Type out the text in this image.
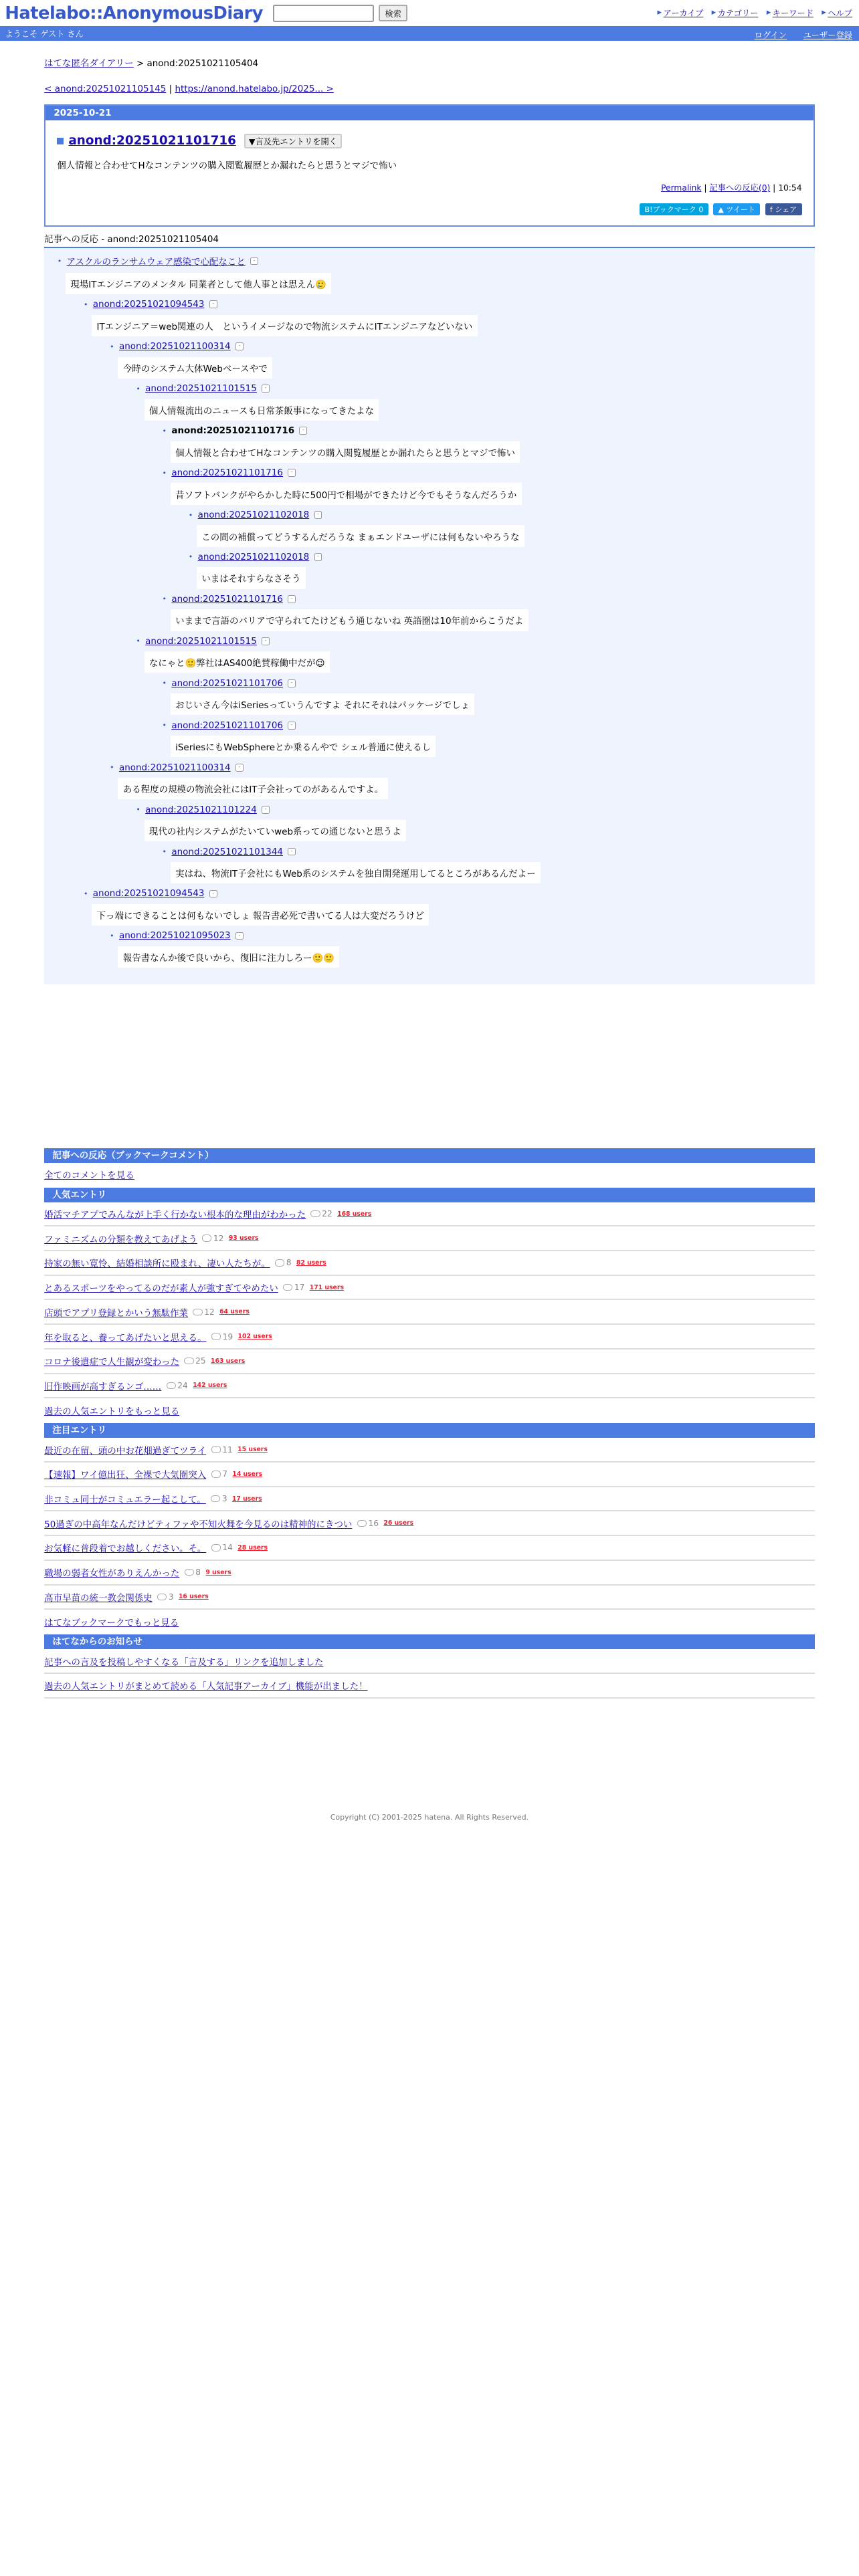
Hatelabo::AnonymousDiary	検索	▶ アーカイブ	▶ カテゴリー	▶ キーワード	▶ ヘルプ
ようこそ ゲスト さん	ログイン	ユーザー登録
はてな匿名ダイアリー > anond:20251021105404
< anond:20251021105145 | https://anond.hatelabo.jp/2025... >
2025-10-21
anond:20251021101716	▼言及先エントリを開く
個人情報と合わせてHなコンテンツの購入閲覧履歴とか漏れたらと思うとマジで怖い
Permalink | 記事への反応(0) | 10:54
B!ブックマーク 0	▲ ツイート	f シェア
記事への反応 - anond:20251021105404
• アスクルのランサムウェア感染で心配なこと	-
現場ITエンジニアのメンタル 同業者として他人事とは思えん🥲
• anond:20251021094543	-
ITエンジニア＝web関連の人　というイメージなので物流システムにITエンジニアなどいない
• anond:20251021100314	-
今時のシステム大体Webベースやで
• anond:20251021101515	-
個人情報流出のニュースも日常茶飯事になってきたよな
• anond:20251021101716	-
個人情報と合わせてHなコンテンツの購入閲覧履歴とか漏れたらと思うとマジで怖い
• anond:20251021101716	-
昔ソフトバンクがやらかした時に500円で相場ができたけど今でもそうなんだろうか
• anond:20251021102018	-
この間の補償ってどうするんだろうな まぁエンドユーザには何もないやろうな
• anond:20251021102018	-
いまはそれすらなさそう
• anond:20251021101716	-
いままで言語のバリアで守られてたけどもう通じないね 英語圏は10年前からこうだよ
• anond:20251021101515	-
なにゃと🙂弊社はAS400絶賛稼働中だが😉
• anond:20251021101706	-
おじいさん今はiSeriesっていうんですよ それにそれはパッケージでしょ
• anond:20251021101706	-
iSeriesにもWebSphereとか乗るんやで シェル普通に使えるし
• anond:20251021100314	-
ある程度の規模の物流会社にはIT子会社ってのがあるんですよ。
• anond:20251021101224	-
現代の社内システムがたいていweb系っての通じないと思うよ
• anond:20251021101344	-
実はね、物流IT子会社にもWeb系のシステムを独自開発運用してるところがあるんだよー
• anond:20251021094543	-
下っ端にできることは何もないでしょ 報告書必死で書いてる人は大変だろうけど
• anond:20251021095023	-
報告書なんか後で良いから、復旧に注力しろー🙂🙂
記事への反応（ブックマークコメント）
全てのコメントを見る
人気エントリ
婚活マチアプでみんなが上手く行かない根本的な理由がわかった	22 168 users
ファミニズムの分類を教えてあげよう	12 93 users
持家の無い寛怜、結婚相談所に殴まれ、凄い人たちが。	8 82 users
とあるスポーツをやってるのだが素人が強すぎてやめたい	17 171 users
店頭でアプリ登録とかいう無駄作業	12 64 users
年を取ると、養ってあげたいと思える。	19 102 users
コロナ後遺症で人生観が変わった	25 163 users
旧作映画が高すぎるンゴ……	24 142 users
過去の人気エントリをもっと見る
注目エントリ
最近の在留、頭の中お花畑過ぎてツライ	11 15 users
【速報】ワイ億出狂、全裸で大気圏突入	7 14 users
非コミュ同士がコミュエラー起こして。	3 17 users
50過ぎの中高年なんだけどティファや不知火舞を今見るのは精神的にきつい	16 26 users
お気軽に普段着でお越しください。そ。	14 28 users
職場の弱者女性がありえんかった	8 9 users
高市早苗の統一教会関係史	3 16 users
はてなブックマークでもっと見る
はてなからのお知らせ
記事への言及を投稿しやすくなる「言及する」リンクを追加しました
過去の人気エントリがまとめて読める「人気記事アーカイブ」機能が出ました！
Copyright (C) 2001-2025 hatena. All Rights Reserved.
